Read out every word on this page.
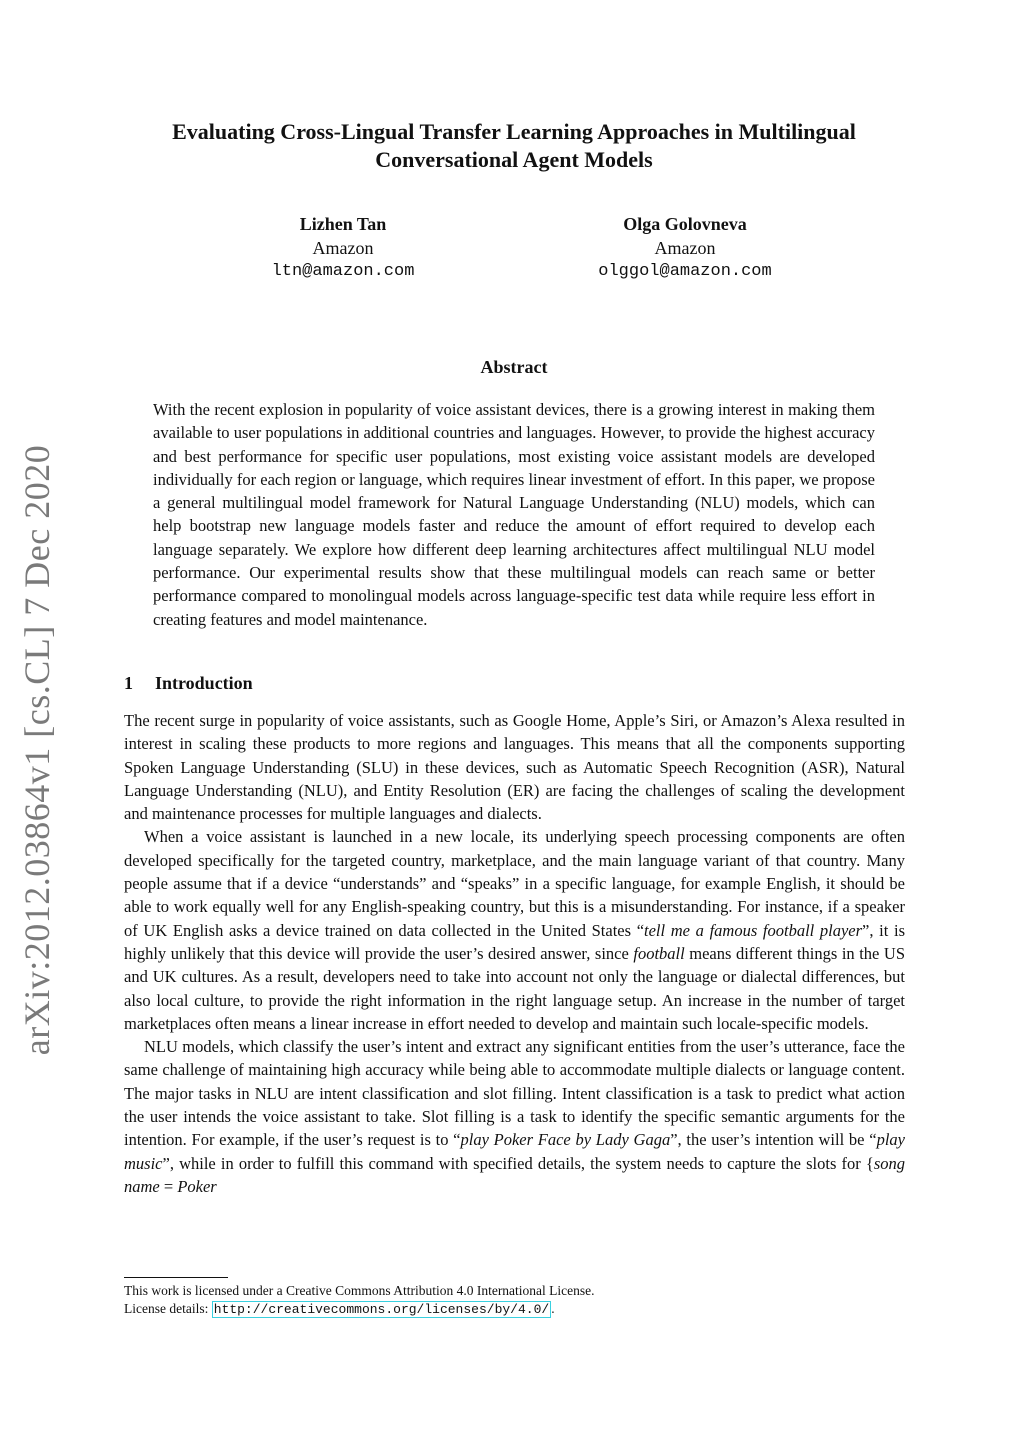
arXiv:2012.03864v1 [cs.CL] 7 Dec 2020
Evaluating Cross-Lingual Transfer Learning Approaches in Multilingual
Conversational Agent Models
Lizhen Tan
Amazon
ltn@amazon.com
Olga Golovneva
Amazon
olggol@amazon.com
Abstract

With the recent explosion in popularity of voice assistant devices, there is a growing interest in making them available to user populations in additional countries and languages. However, to provide the highest accuracy and best performance for specific user populations, most existing voice assistant models are developed individually for each region or language, which requires linear investment of effort. In this paper, we propose a general multilingual model framework for Natural Language Understanding (NLU) models, which can help bootstrap new language models faster and reduce the amount of effort required to develop each language separately. We explore how different deep learning architectures affect multilingual NLU model performance. Our experimental results show that these multilingual models can reach same or better performance compared to monolingual models across language-specific test data while require less effort in creating features and model maintenance.

1 Introduction

The recent surge in popularity of voice assistants, such as Google Home, Apple’s Siri, or Amazon’s Alexa resulted in interest in scaling these products to more regions and languages. This means that all the components supporting Spoken Language Understanding (SLU) in these devices, such as Automatic Speech Recognition (ASR), Natural Language Understanding (NLU), and Entity Resolution (ER) are facing the challenges of scaling the development and maintenance processes for multiple languages and dialects.

When a voice assistant is launched in a new locale, its underlying speech processing components are often developed specifically for the targeted country, marketplace, and the main language variant of that country. Many people assume that if a device “understands” and “speaks” in a specific language, for example English, it should be able to work equally well for any English-speaking country, but this is a misunderstanding. For instance, if a speaker of UK English asks a device trained on data collected in the United States “tell me a famous football player”, it is highly unlikely that this device will provide the user’s desired answer, since football means different things in the US and UK cultures. As a result, developers need to take into account not only the language or dialectal differences, but also local culture, to provide the right information in the right language setup. An increase in the number of target marketplaces often means a linear increase in effort needed to develop and maintain such locale-specific models.

NLU models, which classify the user’s intent and extract any significant entities from the user’s utterance, face the same challenge of maintaining high accuracy while being able to accommodate multiple dialects or language content. The major tasks in NLU are intent classification and slot filling. Intent classification is a task to predict what action the user intends the voice assistant to take. Slot filling is a task to identify the specific semantic arguments for the intention. For example, if the user’s request is to “play Poker Face by Lady Gaga”, the user’s intention will be “play music”, while in order to fulfill this command with specified details, the system needs to capture the slots for {song name = Poker

This work is licensed under a Creative Commons Attribution 4.0 International License.
License details: http://creativecommons.org/licenses/by/4.0/ .
